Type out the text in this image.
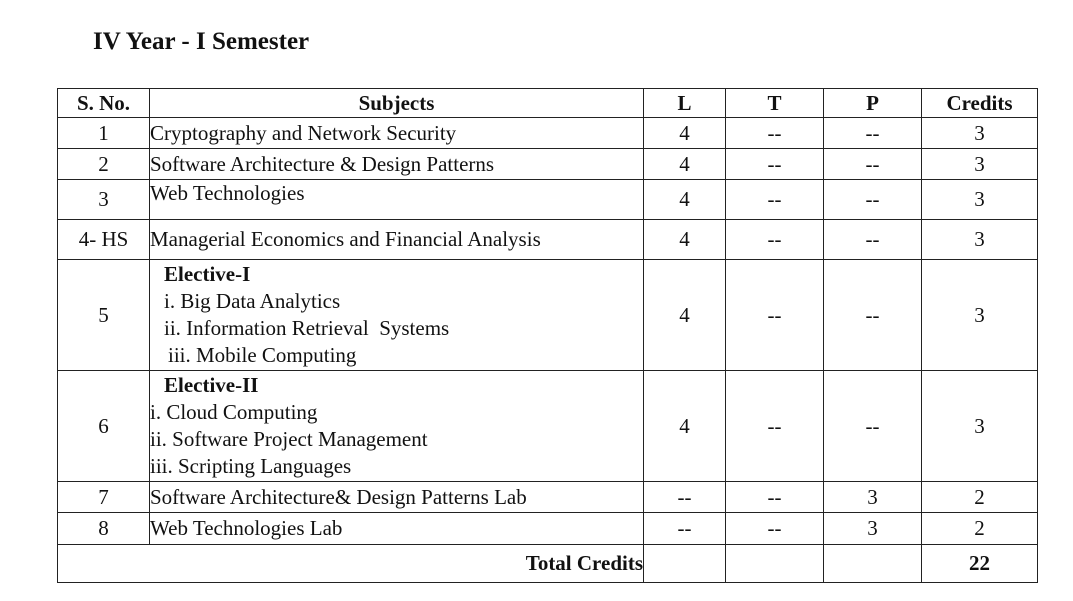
IV Year - I Semester
S. No.	Subjects	L	T	P	Credits
1	Cryptography and Network Security	4	--	--	3
2	Software Architecture & Design Patterns	4	--	--	3
3	Web Technologies	4	--	--	3
4- HS	Managerial Economics and Financial Analysis	4	--	--	3
5	Elective-I
i. Big Data Analytics
ii. Information Retrieval  Systems
iii. Mobile Computing	4	--	--	3
6	Elective-II
i. Cloud Computing
ii. Software Project Management
iii. Scripting Languages	4	--	--	3
7	Software Architecture& Design Patterns Lab	--	--	3	2
8	Web Technologies Lab	--	--	3	2
Total Credits					22
